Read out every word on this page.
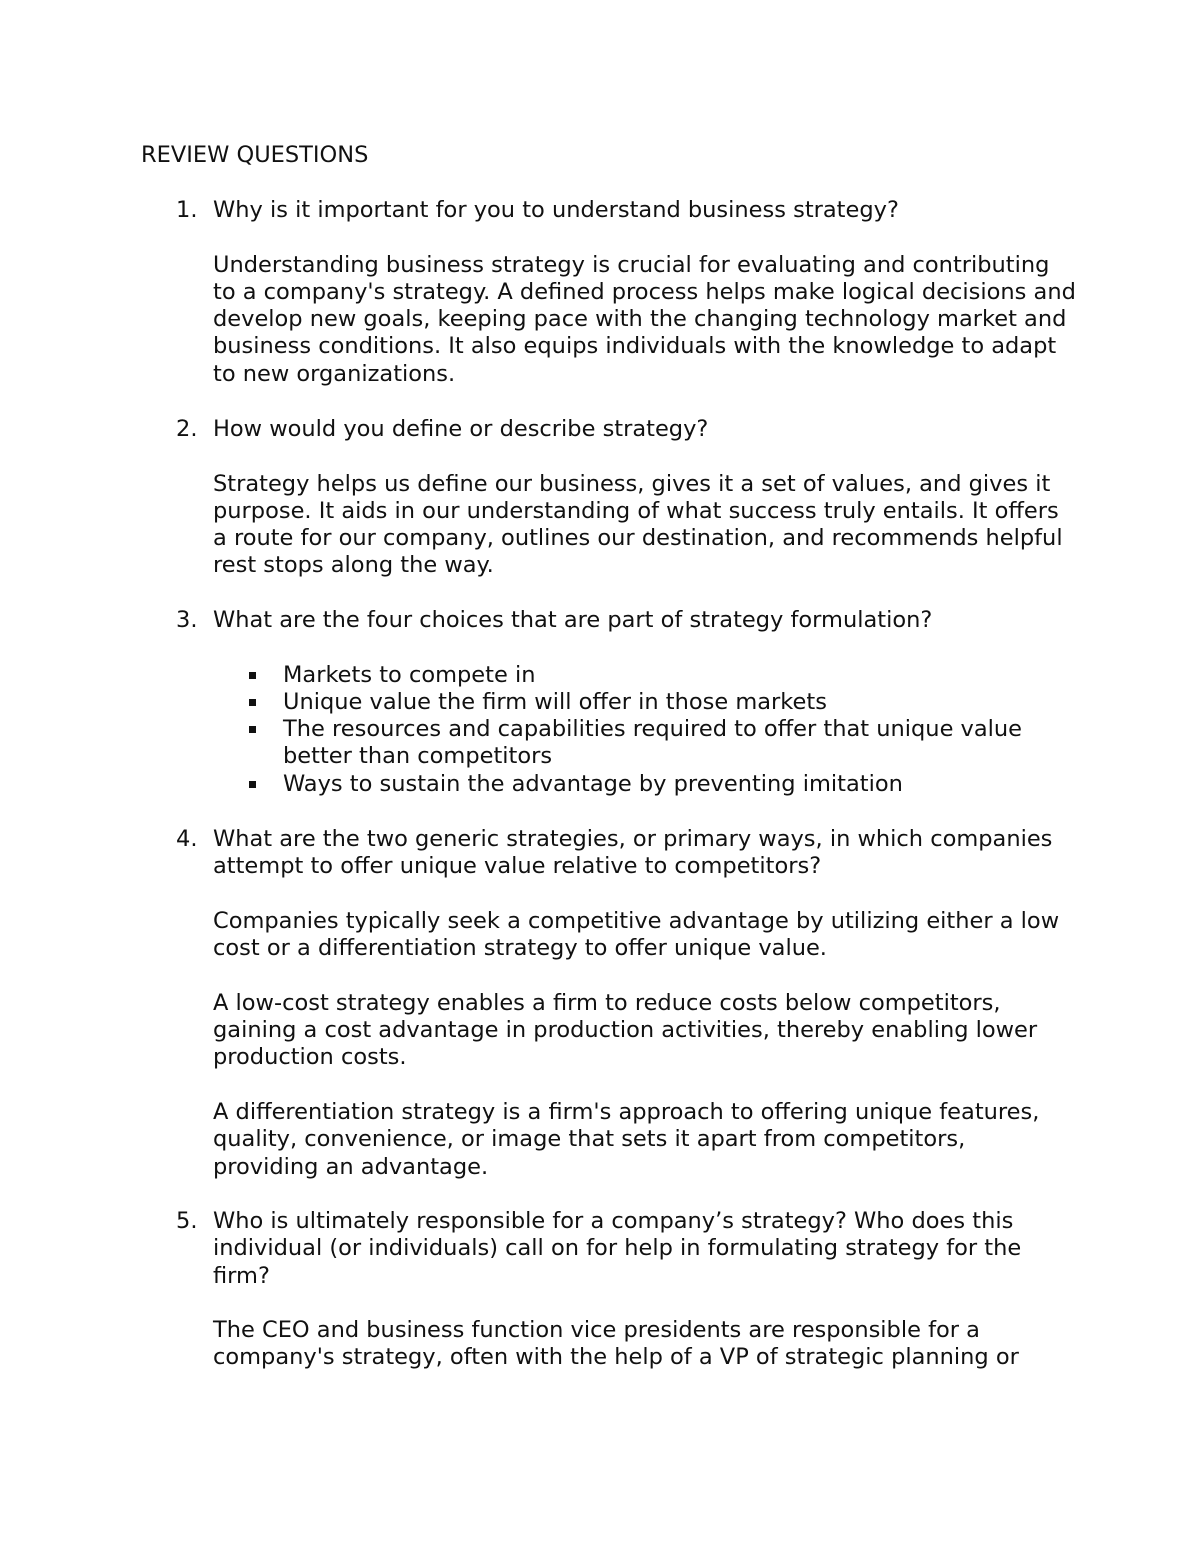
REVIEW QUESTIONS
1. Why is it important for you to understand business strategy?

Understanding business strategy is crucial for evaluating and contributing to a company's strategy. A defined process helps make logical decisions and develop new goals, keeping pace with the changing technology market and business conditions. It also equips individuals with the knowledge to adapt to new organizations.

2. How would you define or describe strategy?

Strategy helps us define our business, gives it a set of values, and gives it purpose. It aids in our understanding of what success truly entails. It offers a route for our company, outlines our destination, and recommends helpful rest stops along the way.

3. What are the four choices that are part of strategy formulation?

Markets to compete in
Unique value the firm will offer in those markets
The resources and capabilities required to offer that unique value better than competitors
Ways to sustain the advantage by preventing imitation
4. What are the two generic strategies, or primary ways, in which companies attempt to offer unique value relative to competitors?

Companies typically seek a competitive advantage by utilizing either a low cost or a differentiation strategy to offer unique value.

A low-cost strategy enables a firm to reduce costs below competitors, gaining a cost advantage in production activities, thereby enabling lower production costs.

A differentiation strategy is a firm's approach to offering unique features, quality, convenience, or image that sets it apart from competitors, providing an advantage.

5. Who is ultimately responsible for a company’s strategy? Who does this individual (or individuals) call on for help in formulating strategy for the firm?

The CEO and business function vice presidents are responsible for a company's strategy, often with the help of a VP of strategic planning or
